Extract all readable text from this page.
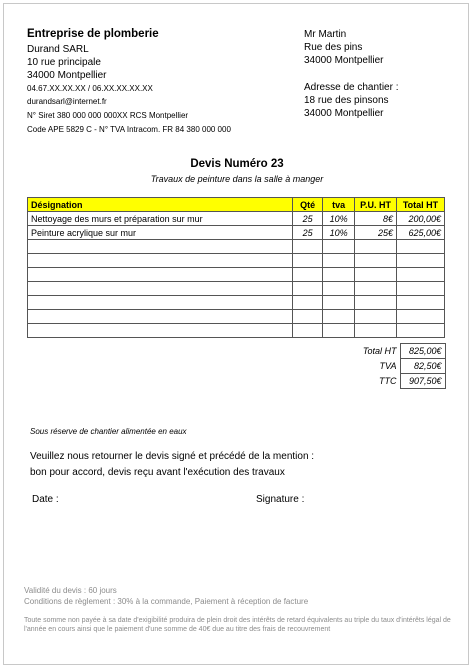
Entreprise de plomberie
Durand SARL
10 rue principale
34000 Montpellier
04.67.XX.XX.XX / 06.XX.XX.XX.XX
durandsarl@internet.fr
N° Siret 380 000 000 000XX RCS Montpellier
Code APE 5829 C - N° TVA Intracom. FR 84 380 000 000
Mr Martin
Rue des pins
34000 Montpellier
Adresse de chantier :
18 rue des pinsons
34000 Montpellier
Devis Numéro 23
Travaux de peinture dans la salle à manger
Désignation	Qté	tva	P.U. HT	Total HT
Nettoyage des murs et préparation sur mur	25	10%	8€	200,00€
Peinture acrylique sur mur	25	10%	25€	625,00€

Total HT	825,00€
TVA	82,50€
TTC	907,50€
Sous réserve de chantier alimentée en eaux
Veuillez nous retourner le devis signé et précédé de la mention :
bon pour accord, devis reçu avant l'exécution des travaux
Date :	Signature :
Validité du devis : 60 jours
Conditions de règlement : 30% à la commande, Paiement à réception de facture
Toute somme non payée à sa date d'exigibilité produira de plein droit des intérêts de retard équivalents au triple du taux d'intérêts légal de l'année en cours ainsi que le paiement d'une somme de 40€ due au titre des frais de recouvrement
